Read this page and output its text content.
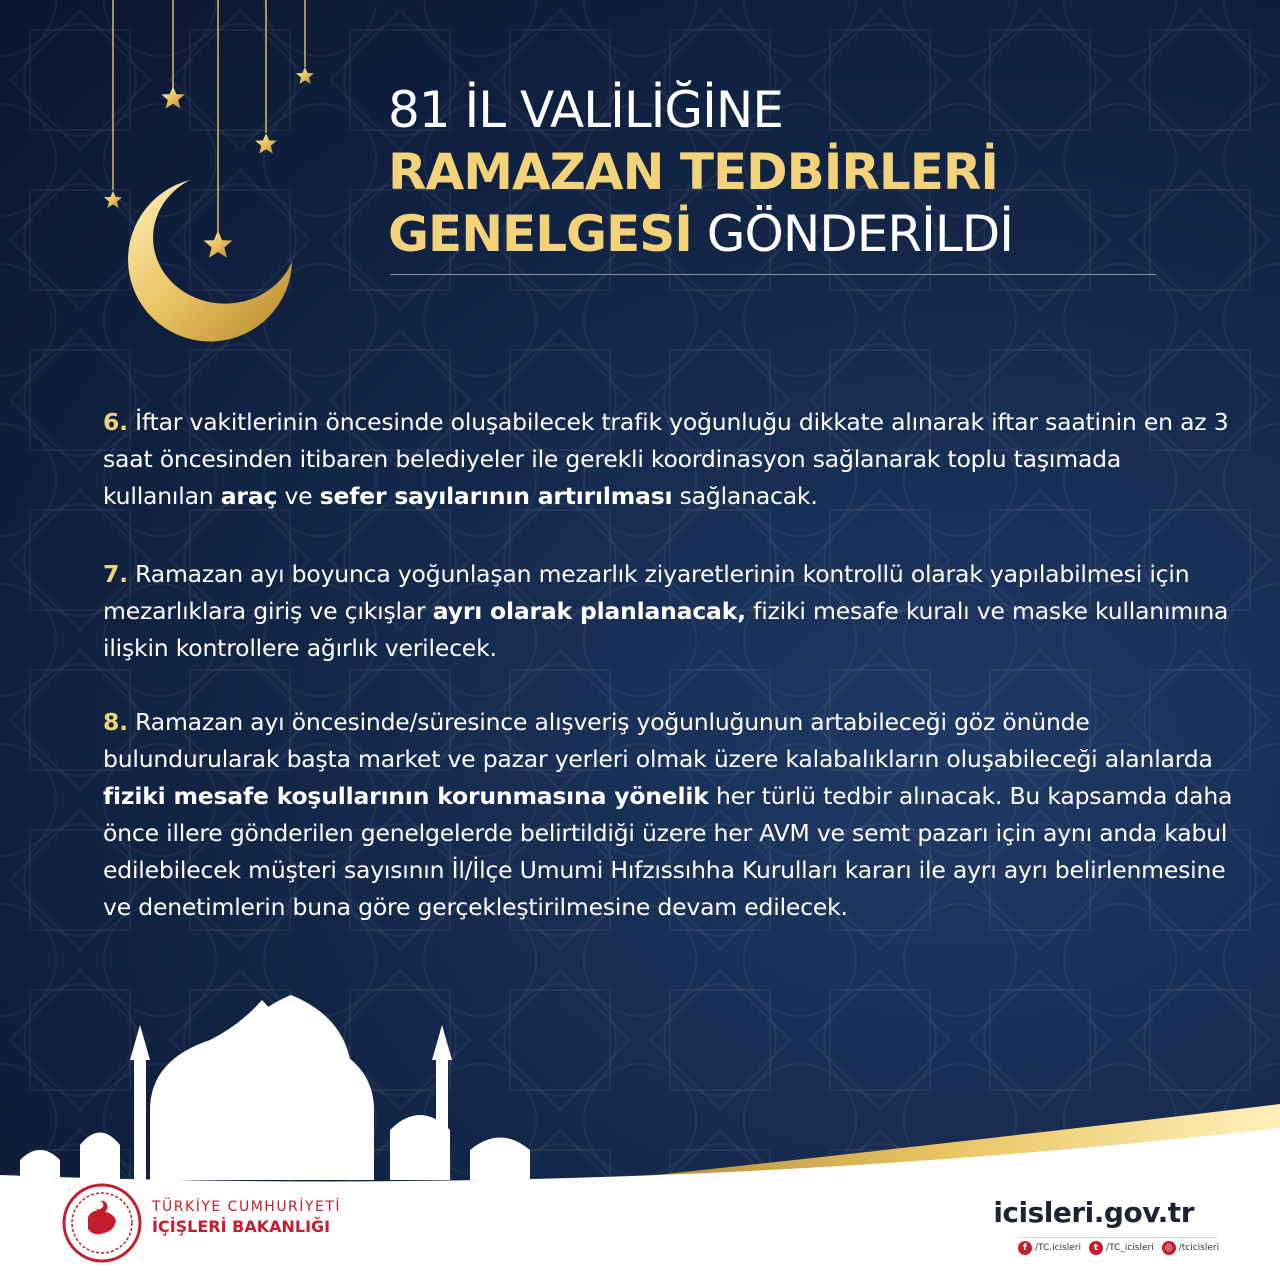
81 İL VALİLİĞİNE
RAMAZAN TEDBİRLERİ
GENELGESİ GÖNDERİLDİ
6. İftar vakitlerinin öncesinde oluşabilecek trafik yoğunluğu dikkate alınarak iftar saatinin en az 3 saat öncesinden itibaren belediyeler ile gerekli koordinasyon sağlanarak toplu taşımada kullanılan araç ve sefer sayılarının artırılması sağlanacak.
7. Ramazan ayı boyunca yoğunlaşan mezarlık ziyaretlerinin kontrollü olarak yapılabilmesi için mezarlıklara giriş ve çıkışlar ayrı olarak planlanacak, fiziki mesafe kuralı ve maske kullanımına ilişkin kontrollere ağırlık verilecek.
8. Ramazan ayı öncesinde/süresince alışveriş yoğunluğunun artabileceği göz önünde bulundurularak başta market ve pazar yerleri olmak üzere kalabalıkların oluşabileceği alanlarda fiziki mesafe koşullarının korunmasına yönelik her türlü tedbir alınacak. Bu kapsamda daha önce illere gönderilen genelgelerde belirtildiği üzere her AVM ve semt pazarı için aynı anda kabul edilebilecek müşteri sayısının İl/İlçe Umumi Hıfzıssıhha Kurulları kararı ile ayrı ayrı belirlenmesine ve denetimlerin buna göre gerçekleştirilmesine devam edilecek.
TÜRKİYE CUMHURİYETİ
İÇİŞLERİ BAKANLIĞI	icisleri.gov.tr
f /TC.icisleri	t /TC_icisleri	◎ /tcicisleri
